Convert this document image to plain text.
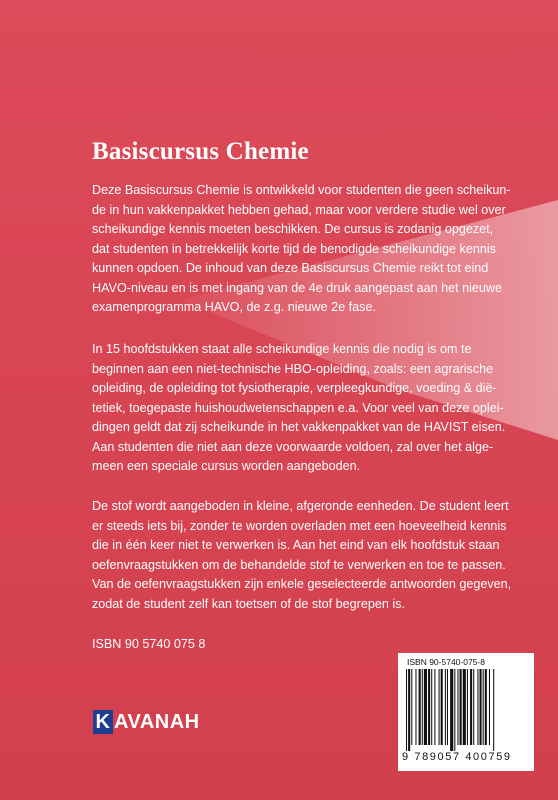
Basiscursus Chemie
Deze Basiscursus Chemie is ontwikkeld voor studenten die geen scheikun-
de in hun vakkenpakket hebben gehad, maar voor verdere studie wel over
scheikundige kennis moeten beschikken. De cursus is zodanig opgezet,
dat studenten in betrekkelijk korte tijd de benodigde scheikundige kennis
kunnen opdoen. De inhoud van deze Basiscursus Chemie reikt tot eind
HAVO-niveau en is met ingang van de 4e druk aangepast aan het nieuwe
examenprogramma HAVO, de z.g. nieuwe 2e fase.
In 15 hoofdstukken staat alle scheikundige kennis die nodig is om te
beginnen aan een niet-technische HBO-opleiding, zoals: een agrarische
opleiding, de opleiding tot fysiotherapie, verpleegkundige, voeding & dië-
tetiek, toegepaste huishoudwetenschappen e.a. Voor veel van deze oplei-
dingen geldt dat zij scheikunde in het vakkenpakket van de HAVIST eisen.
Aan studenten die niet aan deze voorwaarde voldoen, zal over het alge-
meen een speciale cursus worden aangeboden.
De stof wordt aangeboden in kleine, afgeronde eenheden. De student leert
er steeds iets bij, zonder te worden overladen met een hoeveelheid kennis
die in één keer niet te verwerken is. Aan het eind van elk hoofdstuk staan
oefenvraagstukken om de behandelde stof te verwerken en toe te passen.
Van de oefenvraagstukken zijn enkele geselecteerde antwoorden gegeven,
zodat de student zelf kan toetsen of de stof begrepen is.
ISBN 90 5740 075 8
K AVANAH
ISBN 90-5740-075-8
9 789057 400759
